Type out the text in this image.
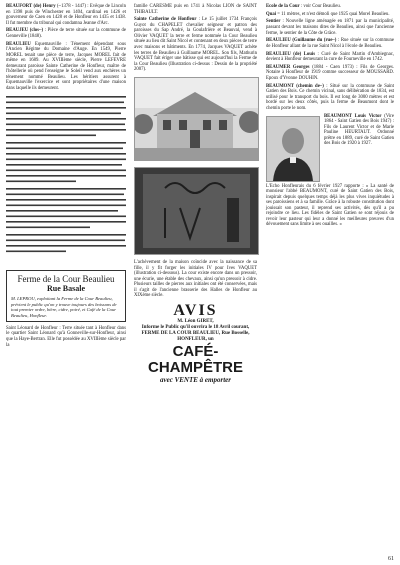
BEAUFORT (de) Henry (~1378 - 1447) : Evêque de Lincoln en 1398 puis de Winchester en 1404, cardinal en 1426 et gouverneur de Caen en 1428 et de Honfleur en 1435 et 1438. Il fut membre du tribunal qui condamna Jeanne d'Arc.

BEAUJEU (clos~) : Pièce de terre située sur la commune de Genneville (1848).

BEAULIEU Equemauville : Ténement dépendant sous l'Ancien Régime du Domaine d'Auge. En 1549, Pierre MOREL tenait une pièce de terre, Jacques MOREL fait de même en 1689. Au XVIIIème siècle, Pierre LEFEVRE demeurant paroisse Sainte Catherine de Honfleur, maître de l'hôtellerie où pend l'enseigne le Soleil vend aux enchères un ténement nommé Beaulieu. Les héritiers assurent à Equemauville l'exercice et sont propriétaires d'une maison dans laquelle ils demeurent.

Ferme de la Cour Beaulieu
Rue Basale
M. LEPROU, exploitant la Ferme de la Cour Beaulieu, prévient le public qu'on y trouve toujours des boissons de tout premier ordre, bière, cidre, poiré, et Café de la Cour Beaulieu, Honfleur.

Saint Léonard de Honfleur : Terre située tant à Honfleur dans le quartier Saint Léonard qu'à Gonneville-sur-Honfleur, ainsi que la Haye-Bertran. Elle fut possédée au XVIIIème siècle par la

famille CARESME puis en 1741 à Nicolas LION de SAINT THIBAULT.

Sainte Catherine de Honfleur : Le 15 juillet 1734 François Guyot du CHAPELET chevalier seigneur et patron des paroisses du Sap André, la Goulafrière et Beauval, vend à Olivier VAQUET la terre et ferme nommée la Cour Beaulieu située au lieu dit Saint Nicol et contenant en deux pièces de terre avec maisons et bâtiments. En 1774, Jacques VAQUET achète les terres de Beaulieu à Guillaume MOREL. Son fils, Mathurin VAQUET fait ériger une bâtisse qui est aujourd'hui la Ferme de la Cour Beaulieu (Illustration ci-dessus : Dessin de la propriété 2007).

L'achèvement de la maison coïncide avec la naissance de sa fille, il y fit forger les initiales IV pour Ives VAQUET (illustration ci-dessous). La cour existe encore dans un pressoir, une écurie, une étable des chevaux, ainsi qu'un pressoir à cidre. Plusieurs tailles de pierres aux initiales ont été conservées, mais il s'agit de l'ancienne brasserie des Halles de Honfleur au XIXème siècle.

AVIS
M. Léon GIRET,
Informe le Public qu'il ouvrira le 18 Avril courant, FERME DE LA COUR BEAULIEU, Rue Bosselle, HONFLEUR, un
CAFÉ-CHAMPÊTRE
avec VENTE à emporter

Ecole de la Cour : voir Cour Beaulieu.

Quai = 11 mètres, et n'est démoli que 1925 quai Morel Beaulieu.

Sentier : Nouvelle ligne aménagée en 1871 par la municipalité, passant devant les maisons dites de Beaulieu, ainsi que l'ancienne ferme, le sentier de la Côte de Grâce.

BEAULIEU (Guillaume du (rue~) : Rue située sur la commune de Honfleur allant de la rue Saint Nicol à l'école de Beaulieu.

BEAULIEU (de) Louis : Curé de Saint Martin d'Ambiegnac, devient à Honfleur demeurant la cure de Fourneville en 1742.

BEAUMER Georges (1884 - Caen 1973) : Fils de Georges. Notaire à Honfleur de 1919 comme successeur de MOUSSARD. Epoux d'Yvonne DOUHIN.

BEAUMONT (chemin de~) : Situé sur la commune de Saint Gatien des Bois. Ce chemin vicinal, sans délibération de 1834, est utilisé pour le transport du bois. Il est long de 3000 mètres et est bordé sur les deux côtés, puis la ferme de Beaumont dont le chemin porte le nom.

BEAUMONT Louis Victor (Vire 1864 - Saint Gatien des Bois 1947) : Fils de Laurent Victor et de Marie Pauline HEURTAUT. Ordonné prêtre en 1889, curé de Saint Gatien des Bois de 1920 à 1927.

L'Echo Honfleurais du 6 février 1927 rapporte : « La santé de monsieur l'abbé BEAUMONT, curé de Saint Gatien des Bois, inspirait depuis quelques temps déjà les plus vives inquiétudes à ses paroissiens et à sa famille. Grâce à la robuste constitution dont jouissait son pasteur, il reprend ses activités, dès qu'il a pu rejoindre ce lieu. Les fidèles de Saint Gatien se sont réjouis de revoir leur pasteur qui leur a donné les meilleures preuves d'un dévouement sans limite à ses ouailles. »

61
